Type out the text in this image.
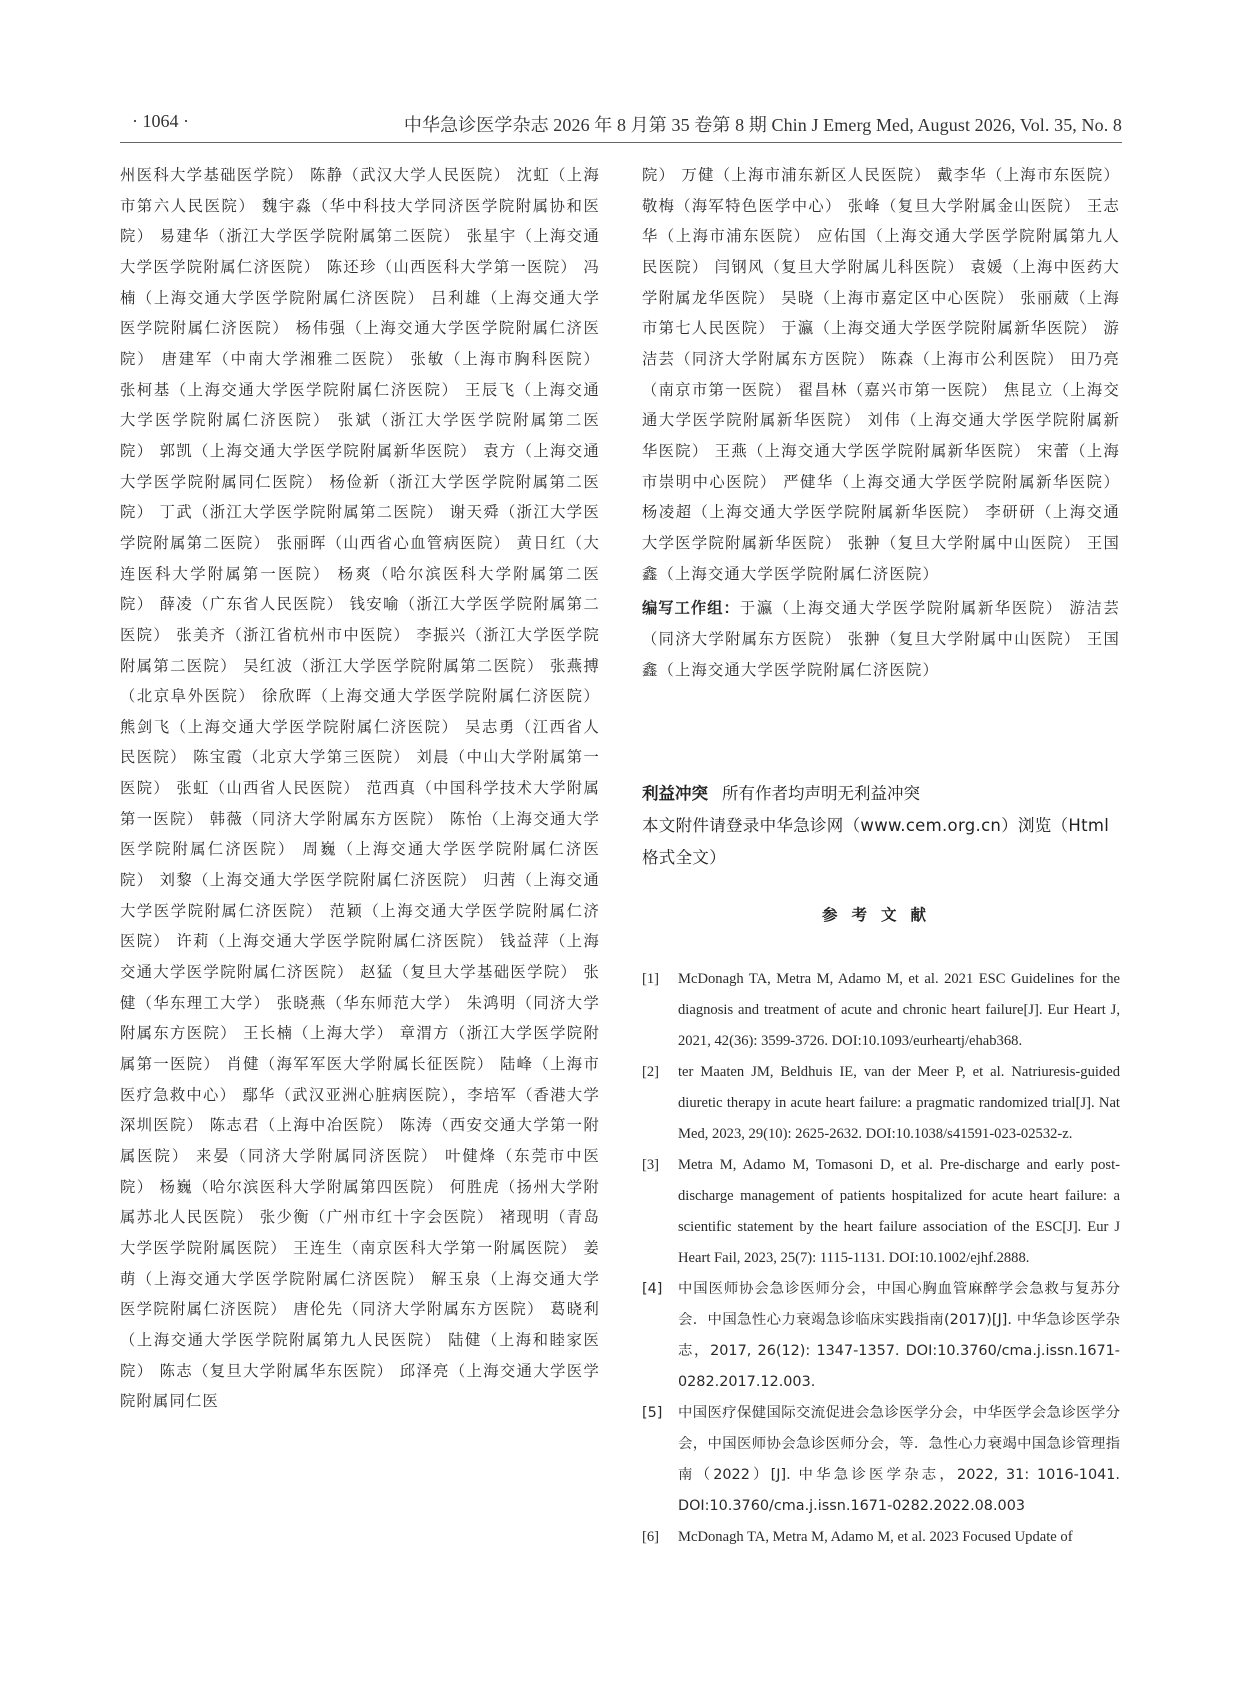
· 1064 ·	中华急诊医学杂志 2026 年 8 月第 35 卷第 8 期 Chin J Emerg Med, August 2026, Vol. 35, No. 8
州医科大学基础医学院） 陈静（武汉大学人民医院） 沈虹（上海市第六人民医院） 魏宇淼（华中科技大学同济医学院附属协和医院） 易建华（浙江大学医学院附属第二医院） 张星宇（上海交通大学医学院附属仁济医院） 陈还珍（山西医科大学第一医院） 冯楠（上海交通大学医学院附属仁济医院） 吕利雄（上海交通大学医学院附属仁济医院） 杨伟强（上海交通大学医学院附属仁济医院） 唐建军（中南大学湘雅二医院） 张敏（上海市胸科医院） 张柯基（上海交通大学医学院附属仁济医院） 王辰飞（上海交通大学医学院附属仁济医院） 张斌（浙江大学医学院附属第二医院） 郭凯（上海交通大学医学院附属新华医院） 袁方（上海交通大学医学院附属同仁医院） 杨俭新（浙江大学医学院附属第二医院） 丁武（浙江大学医学院附属第二医院） 谢天舜（浙江大学医学院附属第二医院） 张丽晖（山西省心血管病医院） 黄日红（大连医科大学附属第一医院） 杨爽（哈尔滨医科大学附属第二医院） 薛凌（广东省人民医院） 钱安喻（浙江大学医学院附属第二医院） 张美齐（浙江省杭州市中医院） 李振兴（浙江大学医学院附属第二医院） 吴红波（浙江大学医学院附属第二医院） 张燕搏（北京阜外医院） 徐欣晖（上海交通大学医学院附属仁济医院） 熊剑飞（上海交通大学医学院附属仁济医院） 吴志勇（江西省人民医院） 陈宝霞（北京大学第三医院） 刘晨（中山大学附属第一医院） 张虹（山西省人民医院） 范西真（中国科学技术大学附属第一医院） 韩薇（同济大学附属东方医院） 陈怡（上海交通大学医学院附属仁济医院） 周巍（上海交通大学医学院附属仁济医院） 刘黎（上海交通大学医学院附属仁济医院） 归茜（上海交通大学医学院附属仁济医院） 范颖（上海交通大学医学院附属仁济医院） 许莉（上海交通大学医学院附属仁济医院） 钱益萍（上海交通大学医学院附属仁济医院） 赵猛（复旦大学基础医学院） 张健（华东理工大学） 张晓燕（华东师范大学） 朱鸿明（同济大学附属东方医院） 王长楠（上海大学） 章渭方（浙江大学医学院附属第一医院） 肖健（海军军医大学附属长征医院） 陆峰（上海市医疗急救中心） 鄢华（武汉亚洲心脏病医院），李培军（香港大学深圳医院） 陈志君（上海中冶医院） 陈涛（西安交通大学第一附属医院） 来晏（同济大学附属同济医院） 叶健烽（东莞市中医院） 杨巍（哈尔滨医科大学附属第四医院） 何胜虎（扬州大学附属苏北人民医院） 张少衡（广州市红十字会医院） 褚现明（青岛大学医学院附属医院） 王连生（南京医科大学第一附属医院） 姜萌（上海交通大学医学院附属仁济医院） 解玉泉（上海交通大学医学院附属仁济医院） 唐伦先（同济大学附属东方医院） 葛晓利（上海交通大学医学院附属第九人民医院） 陆健（上海和睦家医院） 陈志（复旦大学附属华东医院） 邱泽亮（上海交通大学医学院附属同仁医
院） 万健（上海市浦东新区人民医院） 戴李华（上海市东医院） 敬梅（海军特色医学中心） 张峰（复旦大学附属金山医院） 王志华（上海市浦东医院） 应佑国（上海交通大学医学院附属第九人民医院） 闫钢风（复旦大学附属儿科医院） 袁媛（上海中医药大学附属龙华医院） 吴晓（上海市嘉定区中心医院） 张丽葳（上海市第七人民医院） 于瀛（上海交通大学医学院附属新华医院） 游洁芸（同济大学附属东方医院） 陈森（上海市公利医院） 田乃亮（南京市第一医院） 翟昌林（嘉兴市第一医院） 焦昆立（上海交通大学医学院附属新华医院） 刘伟（上海交通大学医学院附属新华医院） 王燕（上海交通大学医学院附属新华医院） 宋蕾（上海市崇明中心医院） 严健华（上海交通大学医学院附属新华医院） 杨凌超（上海交通大学医学院附属新华医院） 李研研（上海交通大学医学院附属新华医院） 张翀（复旦大学附属中山医院） 王国鑫（上海交通大学医学院附属仁济医院）
编写工作组：于瀛（上海交通大学医学院附属新华医院） 游洁芸（同济大学附属东方医院） 张翀（复旦大学附属中山医院） 王国鑫（上海交通大学医学院附属仁济医院）
利益冲突 所有作者均声明无利益冲突
本文附件请登录中华急诊网（www.cem.org.cn）浏览（Html格式全文）
参考文献
[1] McDonagh TA, Metra M, Adamo M, et al. 2021 ESC Guidelines for the diagnosis and treatment of acute and chronic heart failure[J]. Eur Heart J, 2021, 42(36): 3599-3726. DOI:10.1093/eurheartj/ehab368.
[2] ter Maaten JM, Beldhuis IE, van der Meer P, et al. Natriuresis-guided diuretic therapy in acute heart failure: a pragmatic randomized trial[J]. Nat Med, 2023, 29(10): 2625-2632. DOI:10.1038/s41591-023-02532-z.
[3] Metra M, Adamo M, Tomasoni D, et al. Pre-discharge and early post-discharge management of patients hospitalized for acute heart failure: a scientific statement by the heart failure association of the ESC[J]. Eur J Heart Fail, 2023, 25(7): 1115-1131. DOI:10.1002/ejhf.2888.
[4] 中国医师协会急诊医师分会，中国心胸血管麻醉学会急救与复苏分会．中国急性心力衰竭急诊临床实践指南(2017)[J]. 中华急诊医学杂志，2017, 26(12): 1347-1357. DOI:10.3760/cma.j.issn.1671-0282.2017.12.003.
[5] 中国医疗保健国际交流促进会急诊医学分会，中华医学会急诊医学分会，中国医师协会急诊医师分会，等．急性心力衰竭中国急诊管理指南（2022）[J]. 中华急诊医学杂志，2022, 31: 1016-1041. DOI:10.3760/cma.j.issn.1671-0282.2022.08.003
[6] McDonagh TA, Metra M, Adamo M, et al. 2023 Focused Update of
